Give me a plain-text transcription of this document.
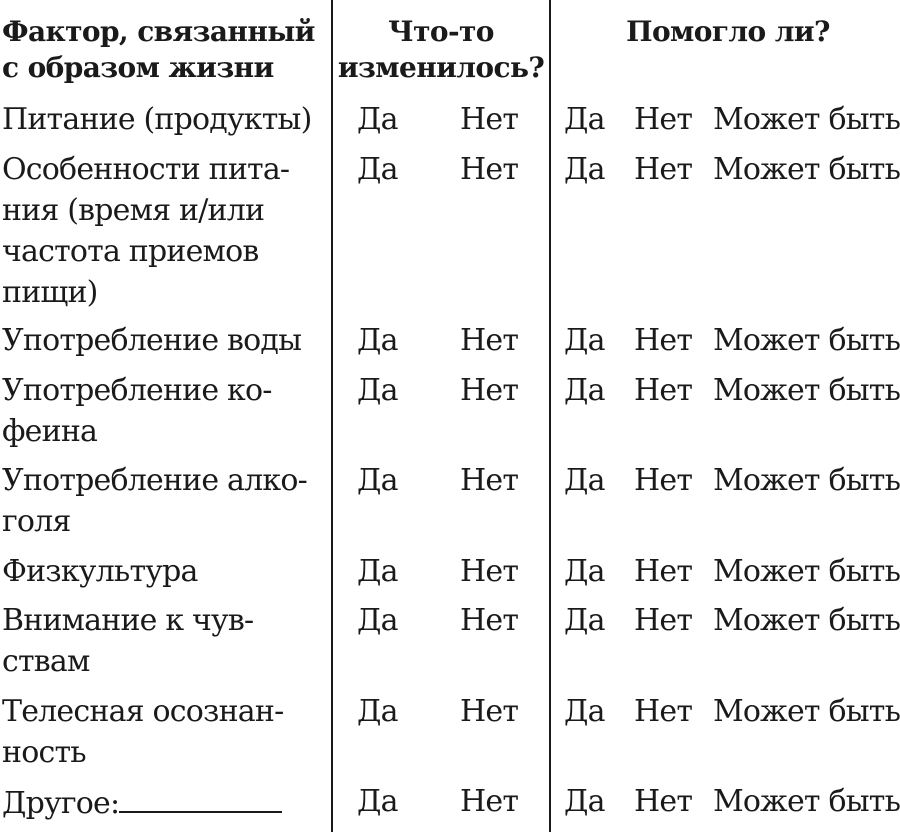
Фактор, связанный
с образом жизни
Что-то
изменилось?
Помогло ли?
Питание (продукты)	Да Нет Да Нет Может быть
Особенности пита-
ния (время и/или
частота приемов
пищи)
Да Нет Да Нет Может быть
Употребление воды	Да Нет Да Нет Может быть
Употребление ко-
феина
Да Нет Да Нет Может быть
Употребление алко-
голя
Да Нет Да Нет Может быть
Физкультура	Да Нет Да Нет Может быть
Внимание к чув-
ствам
Да Нет Да Нет Может быть
Телесная осознан-
ность
Да Нет Да Нет Может быть
Другое:	Да Нет Да Нет Может быть
